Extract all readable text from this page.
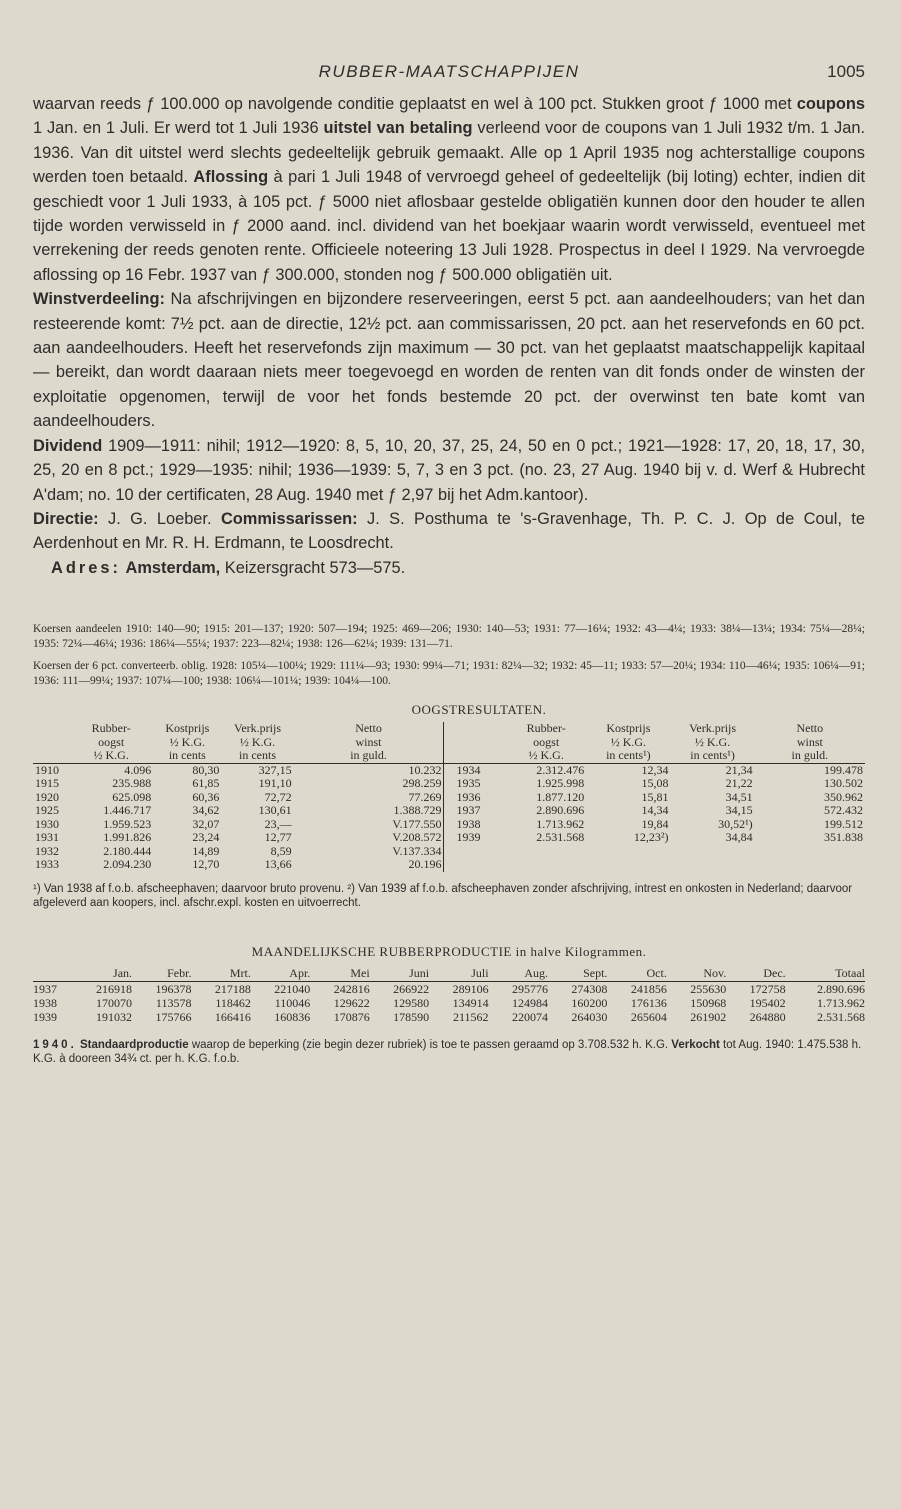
RUBBER-MAATSCHAPPIJEN	1005

waarvan reeds ƒ 100.000 op navolgende conditie geplaatst en wel à 100 pct. Stukken groot ƒ 1000 met coupons 1 Jan. en 1 Juli. Er werd tot 1 Juli 1936 uitstel van betaling verleend voor de coupons van 1 Juli 1932 t/m. 1 Jan. 1936. Van dit uitstel werd slechts gedeeltelijk gebruik gemaakt. Alle op 1 April 1935 nog achterstallige coupons werden toen betaald. Aflossing à pari 1 Juli 1948 of vervroegd geheel of gedeeltelijk (bij loting) echter, indien dit geschiedt voor 1 Juli 1933, à 105 pct. ƒ 5000 niet aflosbaar gestelde obligatiën kunnen door den houder te allen tijde worden verwisseld in ƒ 2000 aand. incl. dividend van het boekjaar waarin wordt verwisseld, eventueel met verrekening der reeds genoten rente. Officieele noteering 13 Juli 1928. Prospectus in deel I 1929. Na vervroegde aflossing op 16 Febr. 1937 van ƒ 300.000, stonden nog ƒ 500.000 obligatiën uit.

Winstverdeeling: Na afschrijvingen en bijzondere reserveeringen, eerst 5 pct. aan aandeelhouders; van het dan resteerende komt: 7½ pct. aan de directie, 12½ pct. aan commissarissen, 20 pct. aan het reservefonds en 60 pct. aan aandeelhouders. Heeft het reservefonds zijn maximum — 30 pct. van het geplaatst maatschappelijk kapitaal — bereikt, dan wordt daaraan niets meer toegevoegd en worden de renten van dit fonds onder de winsten der exploitatie opgenomen, terwijl de voor het fonds bestemde 20 pct. der overwinst ten bate komt van aandeelhouders.

Dividend 1909—1911: nihil; 1912—1920: 8, 5, 10, 20, 37, 25, 24, 50 en 0 pct.; 1921—1928: 17, 20, 18, 17, 30, 25, 20 en 8 pct.; 1929—1935: nihil; 1936—1939: 5, 7, 3 en 3 pct. (no. 23, 27 Aug. 1940 bij v. d. Werf & Hubrecht A'dam; no. 10 der certificaten, 28 Aug. 1940 met ƒ 2,97 bij het Adm.kantoor).

Directie: J. G. Loeber. Commissarissen: J. S. Posthuma te 's-Gravenhage, Th. P. C. J. Op de Coul, te Aerdenhout en Mr. R. H. Erdmann, te Loosdrecht.

Adres: Amsterdam, Keizersgracht 573—575.

Koersen aandeelen 1910: 140—90; 1915: 201—137; 1920: 507—194; 1925: 469—206; 1930: 140—53; 1931: 77—16¼; 1932: 43—4¼; 1933: 38¼—13¼; 1934: 75¼—28¼; 1935: 72¼—46¼; 1936: 186¼—55¼; 1937: 223—82¼; 1938: 126—62¼; 1939: 131—71.

Koersen der 6 pct. converteerb. oblig. 1928: 105¼—100¼; 1929: 111¼—93; 1930: 99¼—71; 1931: 82¼—32; 1932: 45—11; 1933: 57—20¼; 1934: 110—46¼; 1935: 106¼—91; 1936: 111—99¼; 1937: 107¼—100; 1938: 106¼—101¼; 1939: 104¼—100.

OOGSTRESULTATEN.
	Rubber-	Kostprijs	Verk.prijs	Netto		Rubber-	Kostprijs	Verk.prijs	Netto
	oogst	½ K.G.	½ K.G.	winst		oogst	½ K.G.	½ K.G.	winst
	½ K.G.	in cents	in cents	in guld.		½ K.G.	in cents¹)	in cents¹)	in guld.
1910	4.096	80,30	327,15	10.232	1934	2.312.476	12,34	21,34	199.478
1915	235.988	61,85	191,10	298.259	1935	1.925.998	15,08	21,22	130.502
1920	625.098	60,36	72,72	77.269	1936	1.877.120	15,81	34,51	350.962
1925	1.446.717	34,62	130,61	1.388.729	1937	2.890.696	14,34	34,15	572.432
1930	1.959.523	32,07	23,—	V.177.550	1938	1.713.962	19,84	30,52¹)	199.512
1931	1.991.826	23,24	12,77	V.208.572	1939	2.531.568	12,23²)	34,84	351.838
1932	2.180.444	14,89	8,59	V.137.334					
1933	2.094.230	12,70	13,66	20.196					
¹) Van 1938 af f.o.b. afscheephaven; daarvoor bruto provenu. ²) Van 1939 af f.o.b. afscheephaven zonder afschrijving, intrest en onkosten in Nederland; daarvoor afgeleverd aan koopers, incl. afschr.expl. kosten en uitvoerrecht.
MAANDELIJKSCHE RUBBERPRODUCTIE in halve Kilogrammen.
	Jan.	Febr.	Mrt.	Apr.	Mei	Juni	Juli	Aug.	Sept.	Oct.	Nov.	Dec.	Totaal
1937	216918	196378	217188	221040	242816	266922	289106	295776	274308	241856	255630	172758	2.890.696
1938	170070	113578	118462	110046	129622	129580	134914	124984	160200	176136	150968	195402	1.713.962
1939	191032	175766	166416	160836	170876	178590	211562	220074	264030	265604	261902	264880	2.531.568
1940. Standaardproductie waarop de beperking (zie begin dezer rubriek) is toe te passen geraamd op 3.708.532 h. K.G. Verkocht tot Aug. 1940: 1.475.538 h. K.G. à dooreen 34¾ ct. per h. K.G. f.o.b.
